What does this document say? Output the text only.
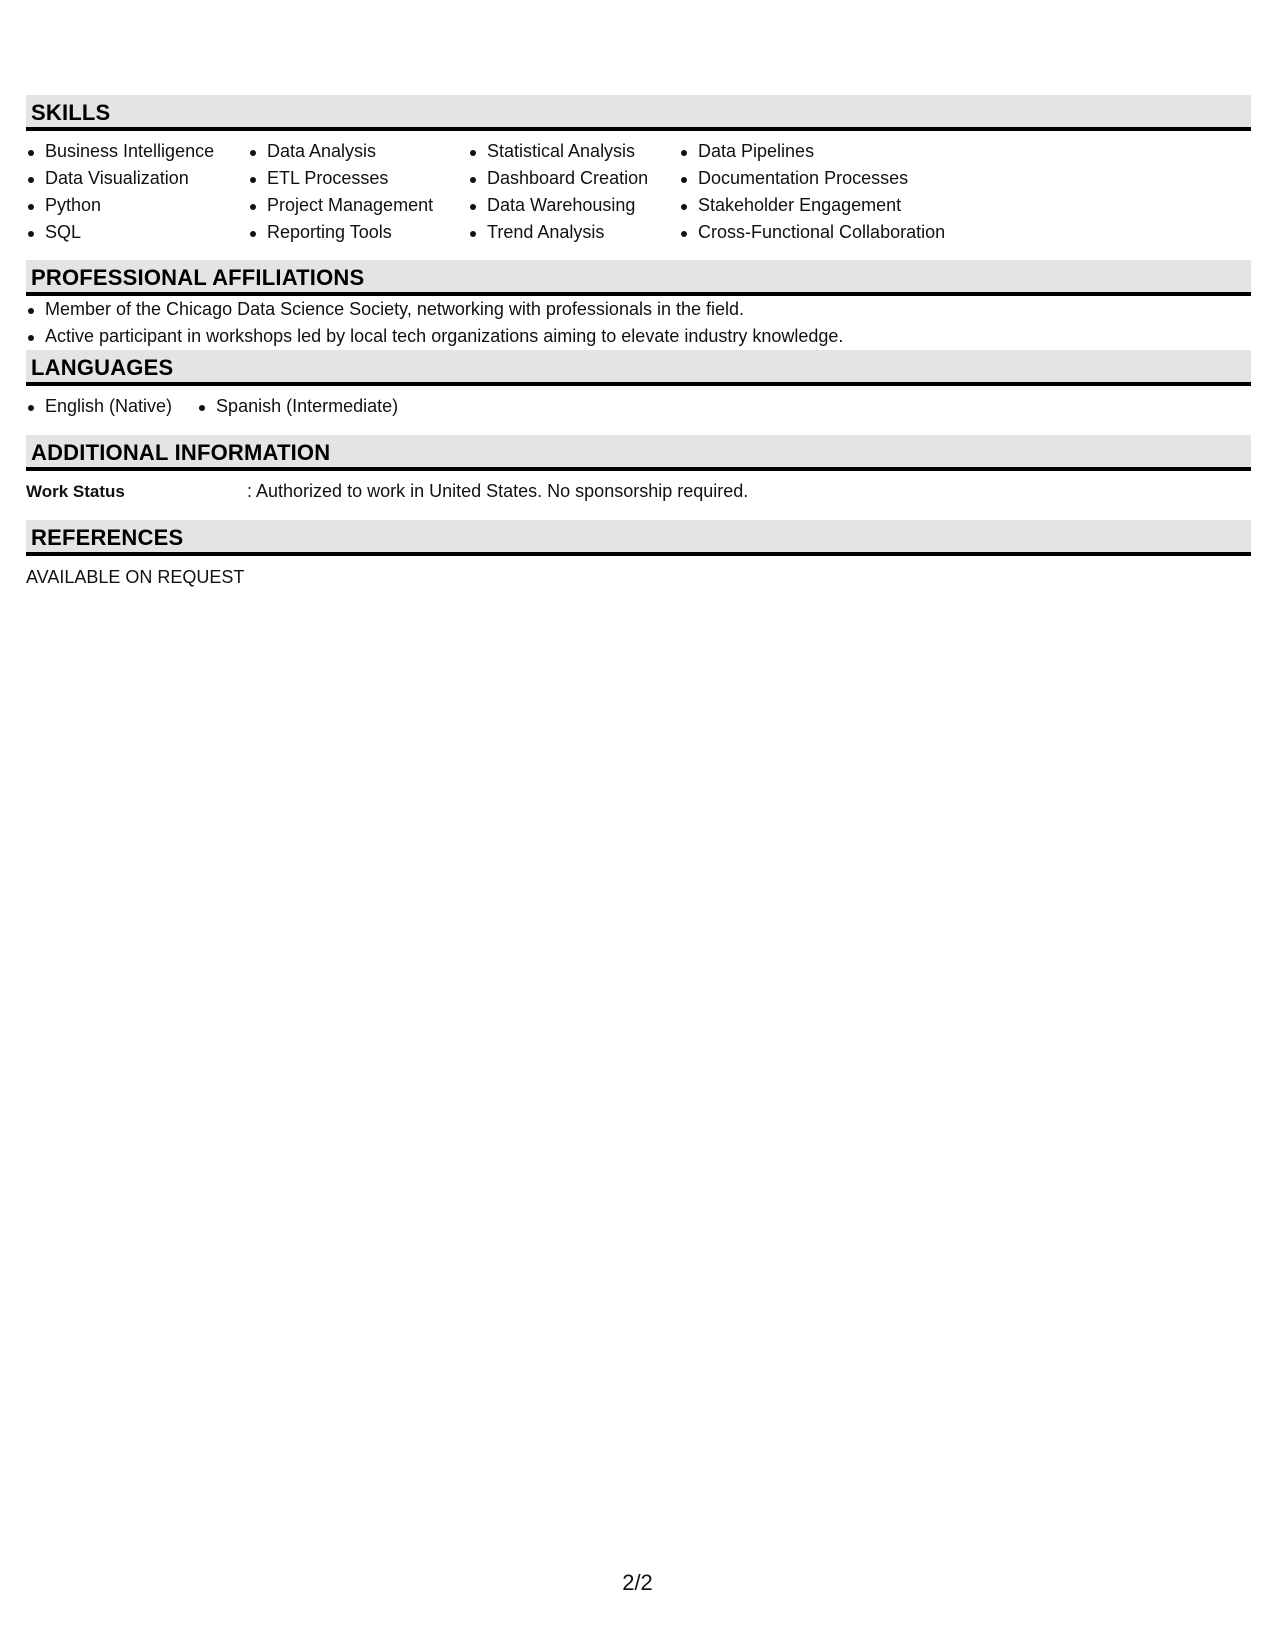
SKILLS
Business Intelligence
Data Visualization
Python
SQL
Data Analysis
ETL Processes
Project Management
Reporting Tools
Statistical Analysis
Dashboard Creation
Data Warehousing
Trend Analysis
Data Pipelines
Documentation Processes
Stakeholder Engagement
Cross-Functional Collaboration
PROFESSIONAL AFFILIATIONS
Member of the Chicago Data Science Society, networking with professionals in the field.
Active participant in workshops led by local tech organizations aiming to elevate industry knowledge.
LANGUAGES
English (Native)	Spanish (Intermediate)
ADDITIONAL INFORMATION
Work Status	: Authorized to work in United States. No sponsorship required.
REFERENCES
AVAILABLE ON REQUEST
2/2
